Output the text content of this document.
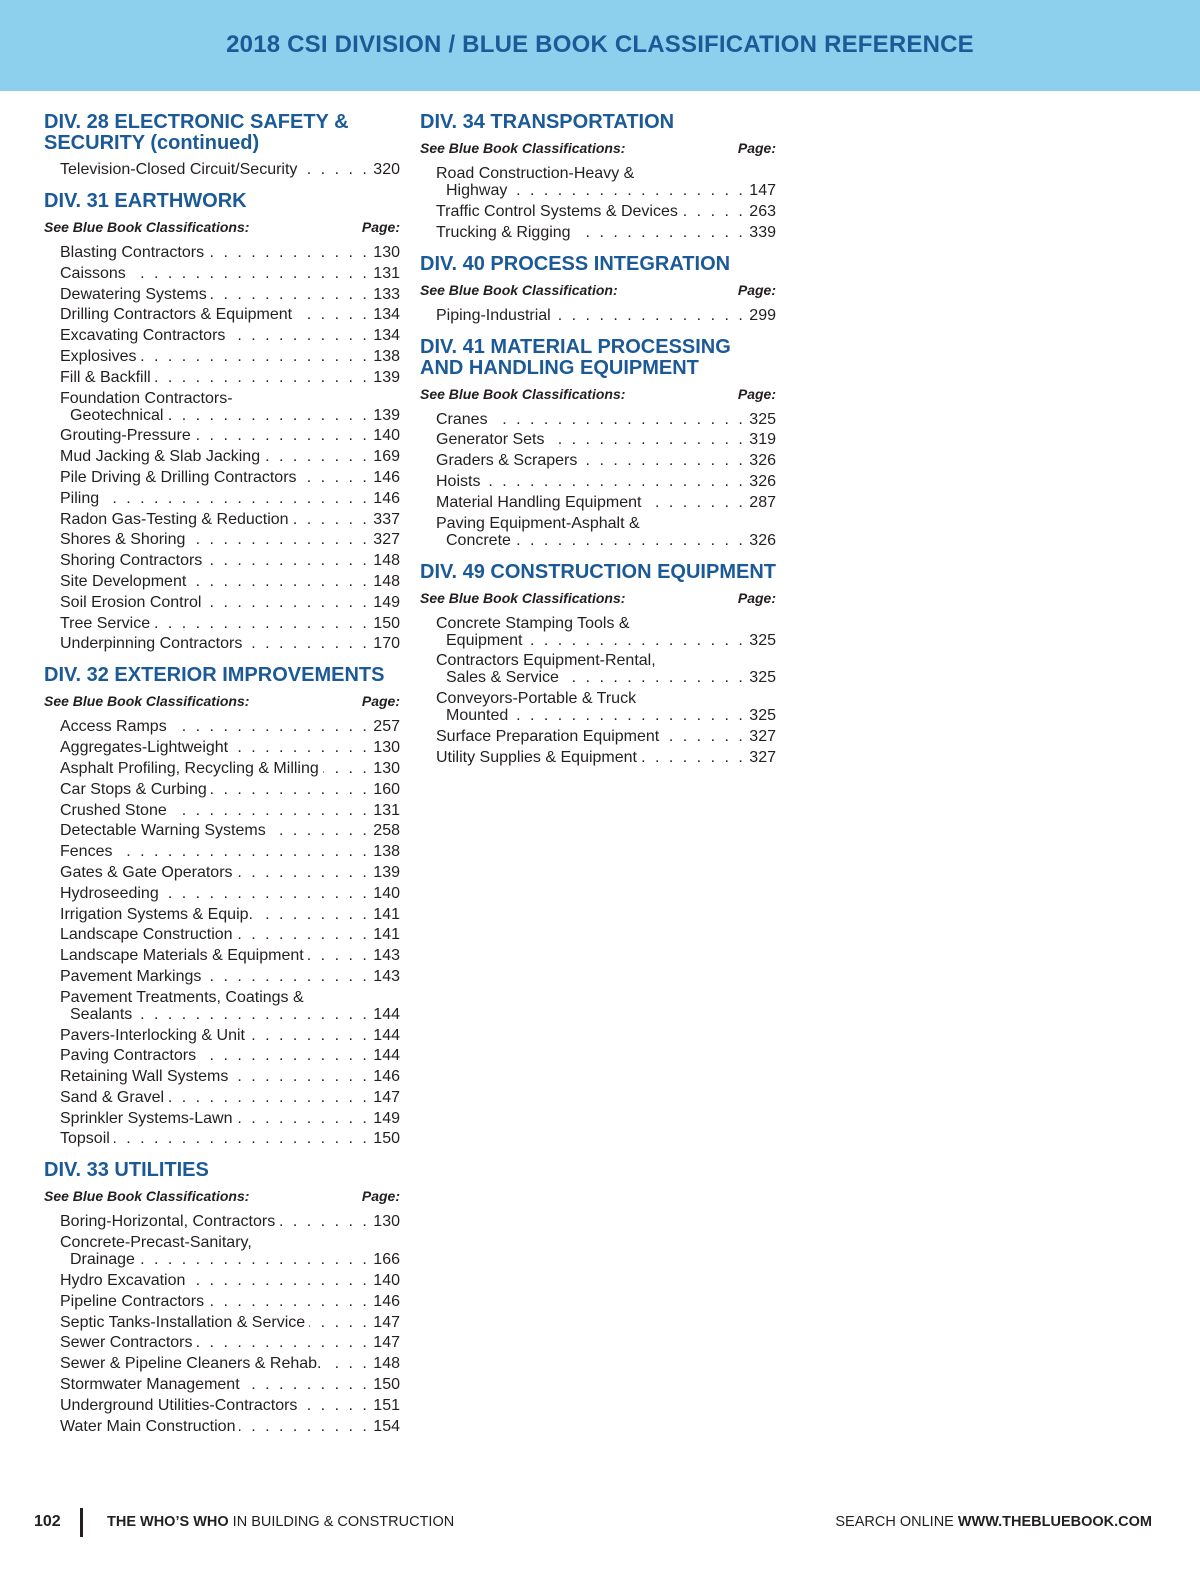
2018 CSI DIVISION / BLUE BOOK CLASSIFICATION REFERENCE
DIV. 28 ELECTRONIC SAFETY & SECURITY (continued)
Television-Closed Circuit/Security . . .	320
DIV. 31 EARTHWORK
See Blue Book Classifications:	Page:
Blasting Contractors . . .	130
Caissons . . .	131
Dewatering Systems . . .	133
Drilling Contractors & Equipment . . .	134
Excavating Contractors . . .	134
Explosives . . .	138
Fill & Backfill . . .	139
Foundation Contractors-
Geotechnical . . .	139
Grouting-Pressure . . .	140
Mud Jacking & Slab Jacking . . .	169
Pile Driving & Drilling Contractors . . .	146
Piling . . .	146
Radon Gas-Testing & Reduction . . .	337
Shores & Shoring . . .	327
Shoring Contractors . . .	148
Site Development . . .	148
Soil Erosion Control . . .	149
Tree Service . . .	150
Underpinning Contractors . . .	170
DIV. 32 EXTERIOR IMPROVEMENTS
See Blue Book Classifications:	Page:
Access Ramps . . .	257
Aggregates-Lightweight . . .	130
Asphalt Profiling, Recycling & Milling . . .	130
Car Stops & Curbing . . .	160
Crushed Stone . . .	131
Detectable Warning Systems . . .	258
Fences . . .	138
Gates & Gate Operators . . .	139
Hydroseeding . . .	140
Irrigation Systems & Equip. . . .	141
Landscape Construction . . .	141
Landscape Materials & Equipment . . .	143
Pavement Markings . . .	143
Pavement Treatments, Coatings &
Sealants . . .	144
Pavers-Interlocking & Unit . . .	144
Paving Contractors . . .	144
Retaining Wall Systems . . .	146
Sand & Gravel . . .	147
Sprinkler Systems-Lawn . . .	149
Topsoil . . .	150
DIV. 33 UTILITIES
See Blue Book Classifications:	Page:
Boring-Horizontal, Contractors . . .	130
Concrete-Precast-Sanitary,
Drainage . . .	166
Hydro Excavation . . .	140
Pipeline Contractors . . .	146
Septic Tanks-Installation & Service . . .	147
Sewer Contractors . . .	147
Sewer & Pipeline Cleaners & Rehab. . . .	148
Stormwater Management . . .	150
Underground Utilities-Contractors . . .	151
Water Main Construction . . .	154
DIV. 34 TRANSPORTATION
See Blue Book Classifications:	Page:
Road Construction-Heavy &
Highway . . .	147
Traffic Control Systems & Devices . . .	263
Trucking & Rigging . . .	339
DIV. 40 PROCESS INTEGRATION
See Blue Book Classification:	Page:
Piping-Industrial . . .	299
DIV. 41 MATERIAL PROCESSING AND HANDLING EQUIPMENT
See Blue Book Classifications:	Page:
Cranes . . .	325
Generator Sets . . .	319
Graders & Scrapers . . .	326
Hoists . . .	326
Material Handling Equipment . . .	287
Paving Equipment-Asphalt &
Concrete . . .	326
DIV. 49 CONSTRUCTION EQUIPMENT
See Blue Book Classifications:	Page:
Concrete Stamping Tools &
Equipment . . .	325
Contractors Equipment-Rental,
Sales & Service . . .	325
Conveyors-Portable & Truck
Mounted . . .	325
Surface Preparation Equipment . . .	327
Utility Supplies & Equipment . . .	327
102	THE WHO’S WHO IN BUILDING & CONSTRUCTION	SEARCH ONLINE WWW.THEBLUEBOOK.COM
